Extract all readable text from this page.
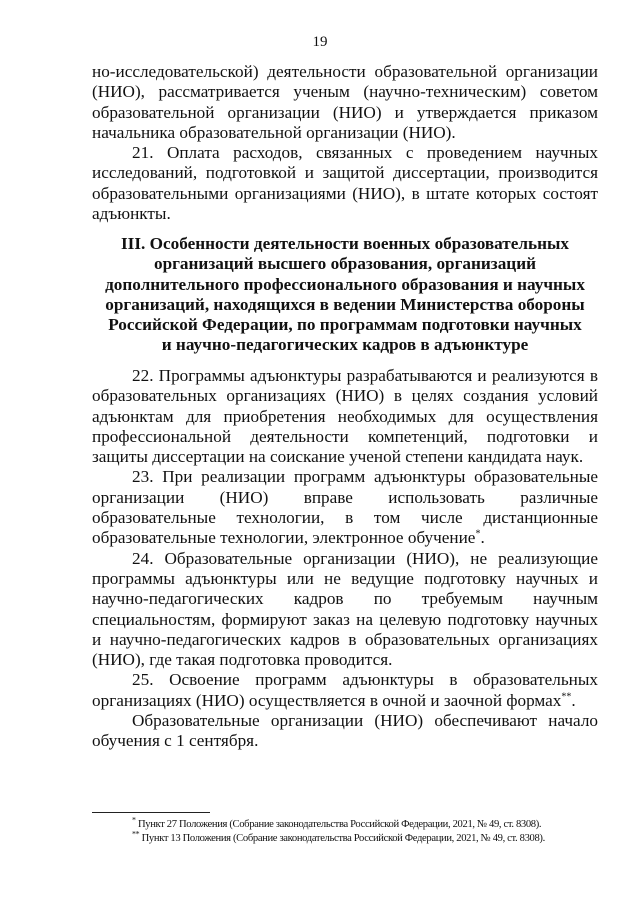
19

но-исследовательской) деятельности образовательной организации (НИО), рассматривается ученым (научно-техническим) советом образовательной организации (НИО) и утверждается приказом начальника образовательной организации (НИО).

21. Оплата расходов, связанных с проведением научных исследований, подготовкой и защитой диссертации, производится образовательными организациями (НИО), в штате которых состоят адъюнкты.

III. Особенности деятельности военных образовательных
организаций высшего образования, организаций
дополнительного профессионального образования и научных
организаций, находящихся в ведении Министерства обороны
Российской Федерации, по программам подготовки научных
и научно-педагогических кадров в адъюнктуре

22. Программы адъюнктуры разрабатываются и реализуются в образовательных организациях (НИО) в целях создания условий адъюнктам для приобретения необходимых для осуществления профессиональной деятельности компетенций, подготовки и защиты диссертации на соискание ученой степени кандидата наук.

23. При реализации программ адъюнктуры образовательные организации (НИО) вправе использовать различные образовательные технологии, в том числе дистанционные образовательные технологии, электронное обучение*.

24. Образовательные организации (НИО), не реализующие программы адъюнктуры или не ведущие подготовку научных и научно-педагогических кадров по требуемым научным специальностям, формируют заказ на целевую подготовку научных и научно-педагогических кадров в образовательных организациях (НИО), где такая подготовка проводится.

25. Освоение программ адъюнктуры в образовательных организациях (НИО) осуществляется в очной и заочной формах**.

Образовательные организации (НИО) обеспечивают начало обучения с 1 сентября.

* Пункт 27 Положения (Собрание законодательства Российской Федерации, 2021, № 49, ст. 8308).

** Пункт 13 Положения (Собрание законодательства Российской Федерации, 2021, № 49, ст. 8308).
